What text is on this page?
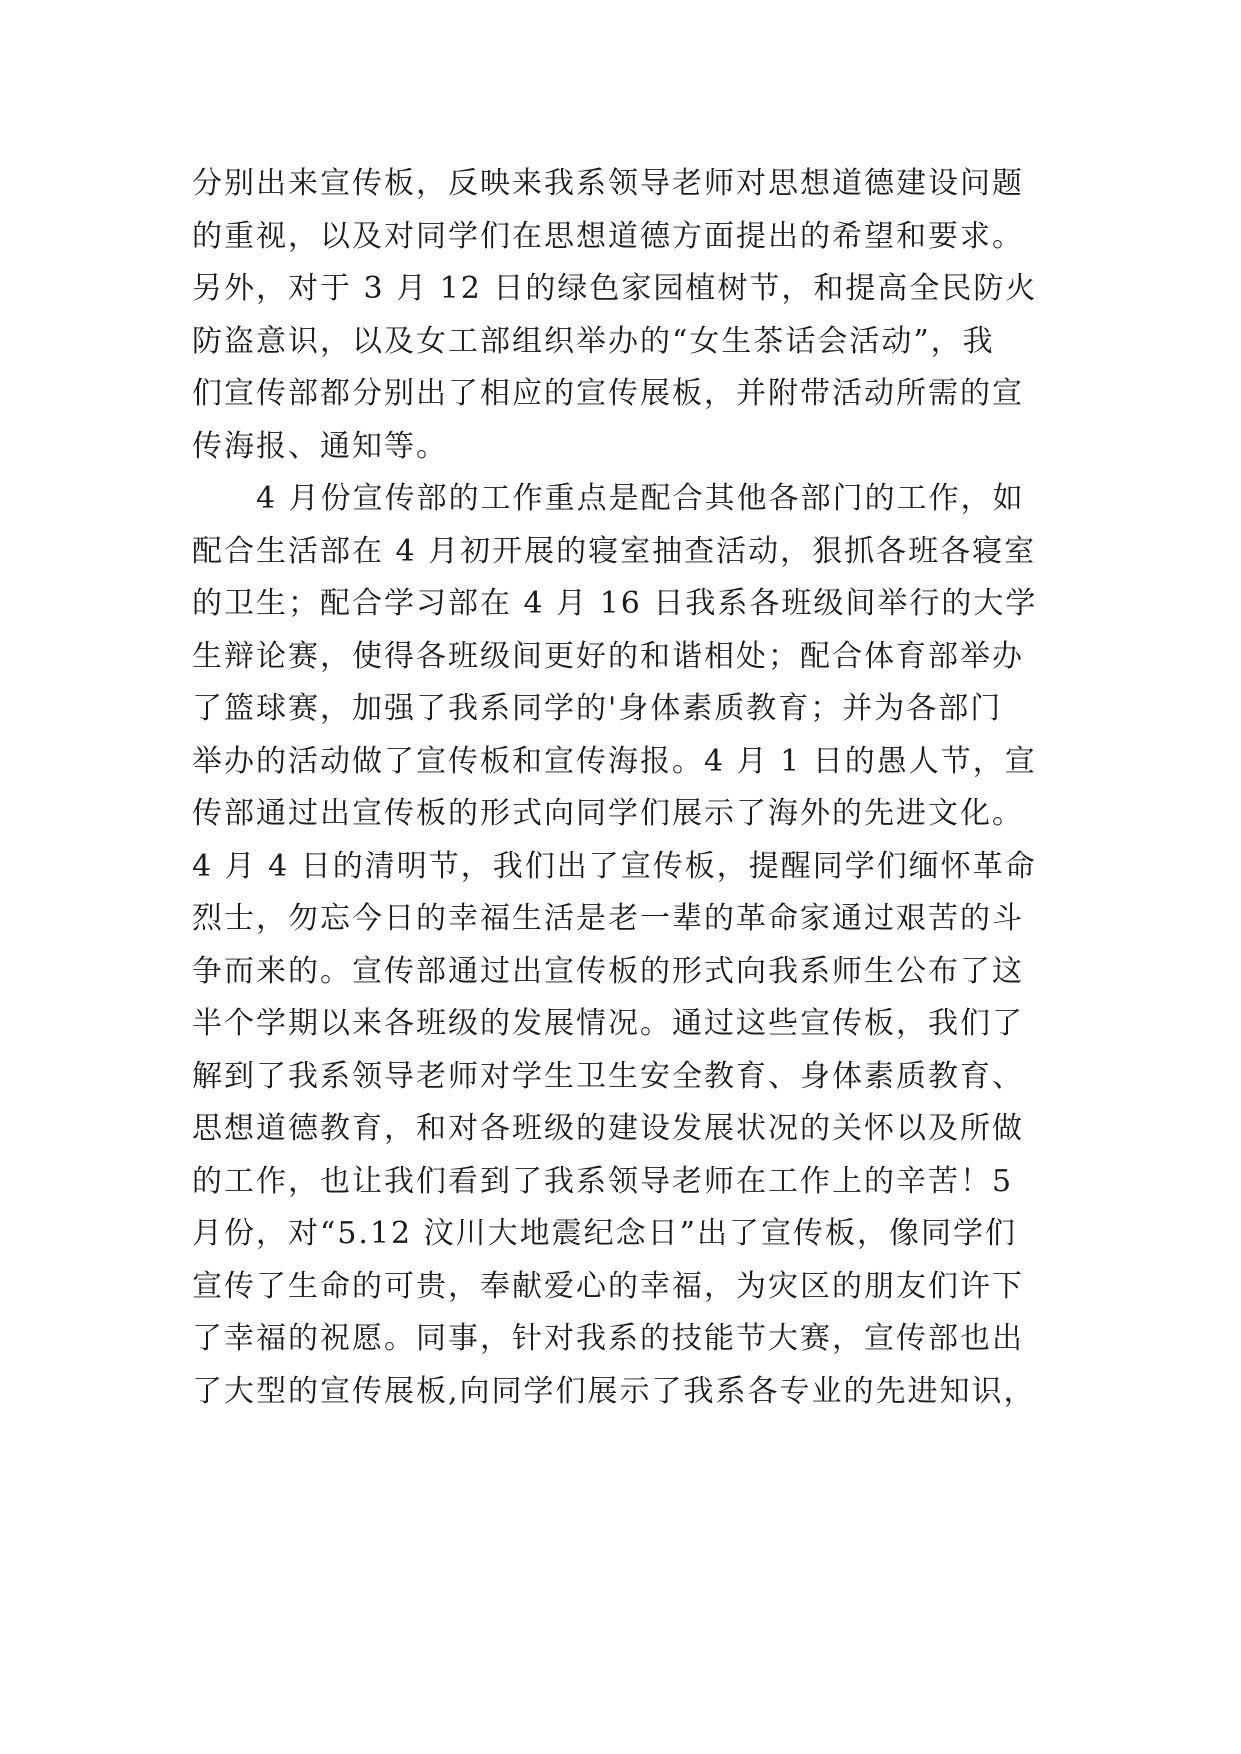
分别出来宣传板，反映来我系领导老师对思想道德建设问题
的重视，以及对同学们在思想道德方面提出的希望和要求。
另外，对于 3 月 12 日的绿色家园植树节，和提高全民防火
防盗意识，以及女工部组织举办的“女生茶话会活动”，我
们宣传部都分别出了相应的宣传展板，并附带活动所需的宣
传海报、通知等。
　　4 月份宣传部的工作重点是配合其他各部门的工作，如
配合生活部在 4 月初开展的寝室抽查活动，狠抓各班各寝室
的卫生；配合学习部在 4 月 16 日我系各班级间举行的大学
生辩论赛，使得各班级间更好的和谐相处；配合体育部举办
了篮球赛，加强了我系同学的'身体素质教育；并为各部门
举办的活动做了宣传板和宣传海报。4 月 1 日的愚人节，宣
传部通过出宣传板的形式向同学们展示了海外的先进文化。
4 月 4 日的清明节，我们出了宣传板，提醒同学们缅怀革命
烈士，勿忘今日的幸福生活是老一辈的革命家通过艰苦的斗
争而来的。宣传部通过出宣传板的形式向我系师生公布了这
半个学期以来各班级的发展情况。通过这些宣传板，我们了
解到了我系领导老师对学生卫生安全教育、身体素质教育、
思想道德教育，和对各班级的建设发展状况的关怀以及所做
的工作，也让我们看到了我系领导老师在工作上的辛苦！5
月份，对“5.12 汶川大地震纪念日”出了宣传板，像同学们
宣传了生命的可贵，奉献爱心的幸福，为灾区的朋友们许下
了幸福的祝愿。同事，针对我系的技能节大赛，宣传部也出
了大型的宣传展板,向同学们展示了我系各专业的先进知识，
